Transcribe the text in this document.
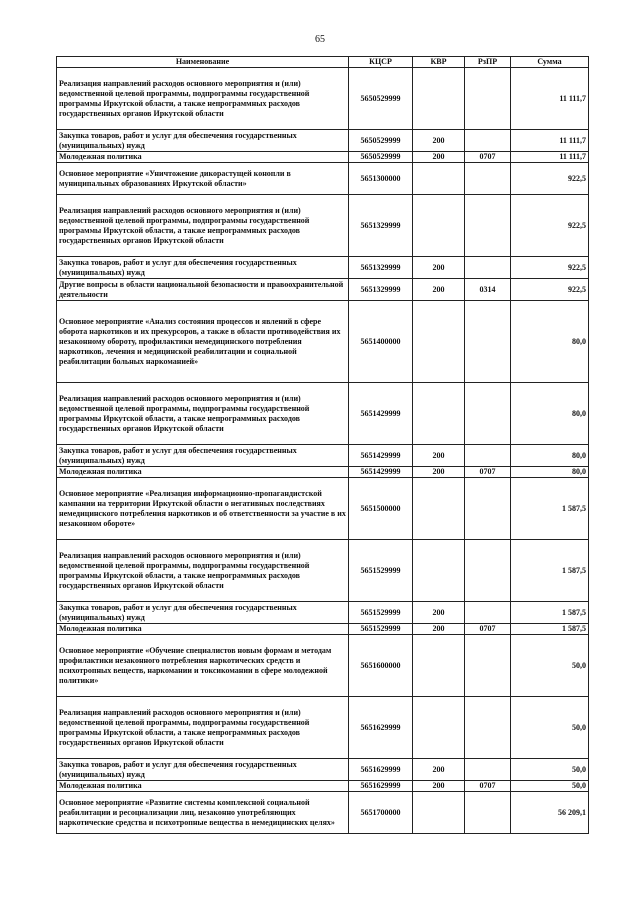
65
Наименование	КЦСР	КВР	РзПР	Сумма
Реализация направлений расходов основного мероприятия и (или) ведомственной целевой программы, подпрограммы государственной программы Иркутской области, а также непрограммных расходов государственных органов Иркутской области	5650529999			11 111,7
Закупка товаров, работ и услуг для обеспечения государственных (муниципальных) нужд	5650529999	200		11 111,7
Молодежная политика	5650529999	200	0707	11 111,7
Основное мероприятие «Уничтожение дикорастущей конопли в муниципальных образованиях Иркутской области»	5651300000			922,5
Реализация направлений расходов основного мероприятия и (или) ведомственной целевой программы, подпрограммы государственной программы Иркутской области, а также непрограммных расходов государственных органов Иркутской области	5651329999			922,5
Закупка товаров, работ и услуг для обеспечения государственных (муниципальных) нужд	5651329999	200		922,5
Другие вопросы в области национальной безопасности и правоохранительной деятельности	5651329999	200	0314	922,5
Основное мероприятие «Анализ состояния процессов и явлений в сфере оборота наркотиков и их прекурсоров, а также в области противодействия их незаконному обороту, профилактики немедицинского потребления наркотиков, лечения и медицинской реабилитации и социальной реабилитации больных наркоманией»	5651400000			80,0
Реализация направлений расходов основного мероприятия и (или) ведомственной целевой программы, подпрограммы государственной программы Иркутской области, а также непрограммных расходов государственных органов Иркутской области	5651429999			80,0
Закупка товаров, работ и услуг для обеспечения государственных (муниципальных) нужд	5651429999	200		80,0
Молодежная политика	5651429999	200	0707	80,0
Основное мероприятие «Реализация информационно-пропагандистской кампании на территории Иркутской области о негативных последствиях немедицинского потребления наркотиков и об ответственности за участие в их незаконном обороте»	5651500000			1 587,5
Реализация направлений расходов основного мероприятия и (или) ведомственной целевой программы, подпрограммы государственной программы Иркутской области, а также непрограммных расходов государственных органов Иркутской области	5651529999			1 587,5
Закупка товаров, работ и услуг для обеспечения государственных (муниципальных) нужд	5651529999	200		1 587,5
Молодежная политика	5651529999	200	0707	1 587,5
Основное мероприятие «Обучение специалистов новым формам и методам профилактики незаконного потребления наркотических средств и психотропных веществ, наркомании и токсикомании в сфере молодежной политики»	5651600000			50,0
Реализация направлений расходов основного мероприятия и (или) ведомственной целевой программы, подпрограммы государственной программы Иркутской области, а также непрограммных расходов государственных органов Иркутской области	5651629999			50,0
Закупка товаров, работ и услуг для обеспечения государственных (муниципальных) нужд	5651629999	200		50,0
Молодежная политика	5651629999	200	0707	50,0
Основное мероприятие «Развитие системы комплексной социальной реабилитации и ресоциализации лиц, незаконно употребляющих наркотические средства и психотропные вещества в немедицинских целях»	5651700000			56 209,1
